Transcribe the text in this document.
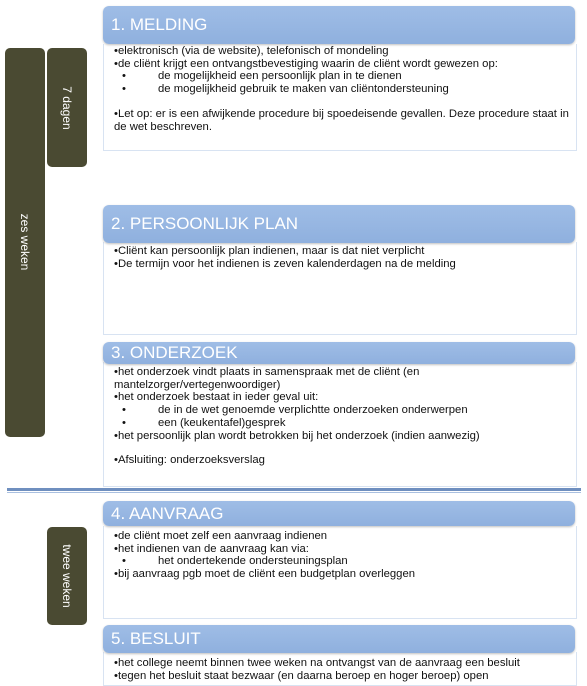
zes weken
7 dagen
twee weken
1. MELDING
•elektronisch (via de website), telefonisch of mondeling
•de cliënt krijgt een ontvangstbevestiging waarin de cliënt wordt gewezen op:
•	de mogelijkheid een persoonlijk plan in te dienen
•	de mogelijkheid gebruik te maken van cliëntondersteuning
•Let op: er is een afwijkende procedure bij spoedeisende gevallen. Deze procedure staat in de wet beschreven.
2. PERSOONLIJK PLAN
•Cliënt kan persoonlijk plan indienen, maar is dat niet verplicht
•De termijn voor het indienen is zeven kalenderdagen na de melding
3. ONDERZOEK
•het onderzoek vindt plaats in samenspraak met de cliënt (en mantelzorger/vertegenwoordiger)
•het onderzoek bestaat in ieder geval uit:
•	de in de wet genoemde verplichtte onderzoeken onderwerpen
•	een (keukentafel)gesprek
•het persoonlijk plan wordt betrokken bij het onderzoek (indien aanwezig)
•Afsluiting: onderzoeksverslag
4. AANVRAAG
•de cliënt moet zelf een aanvraag indienen
•het indienen van de aanvraag kan via:
•	het ondertekende ondersteuningsplan
•bij aanvraag pgb moet de cliënt een budgetplan overleggen
5. BESLUIT
•het college neemt binnen twee weken na ontvangst van de aanvraag een besluit
•tegen het besluit staat bezwaar (en daarna beroep en hoger beroep) open
